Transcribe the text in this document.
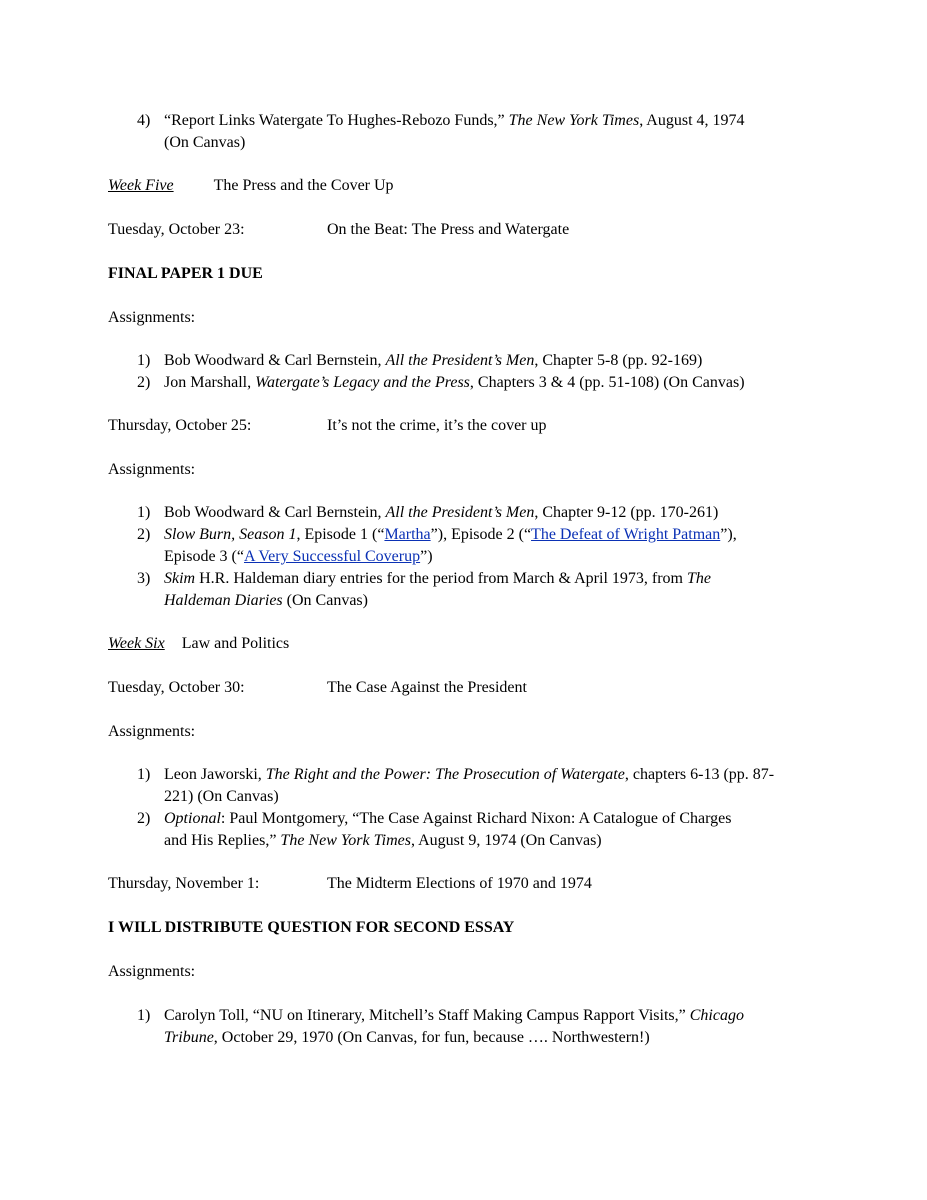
4) “Report Links Watergate To Hughes-Rebozo Funds,” The New York Times, August 4, 1974
(On Canvas)
Week Five	The Press and the Cover Up
Tuesday, October 23:	On the Beat: The Press and Watergate
FINAL PAPER 1 DUE
Assignments:
1) Bob Woodward & Carl Bernstein, All the President’s Men, Chapter 5-8 (pp. 92-169)
2) Jon Marshall, Watergate’s Legacy and the Press, Chapters 3 & 4 (pp. 51-108) (On Canvas)
Thursday, October 25:	It’s not the crime, it’s the cover up
Assignments:
1) Bob Woodward & Carl Bernstein, All the President’s Men, Chapter 9-12 (pp. 170-261)
2) Slow Burn, Season 1, Episode 1 (“Martha”), Episode 2 (“The Defeat of Wright Patman”),
Episode 3 (“A Very Successful Coverup”)
3) Skim H.R. Haldeman diary entries for the period from March & April 1973, from The
Haldeman Diaries (On Canvas)
Week Six Law and Politics
Tuesday, October 30:	The Case Against the President
Assignments:
1) Leon Jaworski, The Right and the Power: The Prosecution of Watergate, chapters 6-13 (pp. 87-
221) (On Canvas)
2) Optional: Paul Montgomery, “The Case Against Richard Nixon: A Catalogue of Charges
and His Replies,” The New York Times, August 9, 1974 (On Canvas)
Thursday, November 1:	The Midterm Elections of 1970 and 1974
I WILL DISTRIBUTE QUESTION FOR SECOND ESSAY
Assignments:
1) Carolyn Toll, “NU on Itinerary, Mitchell’s Staff Making Campus Rapport Visits,” Chicago
Tribune, October 29, 1970 (On Canvas, for fun, because …. Northwestern!)
